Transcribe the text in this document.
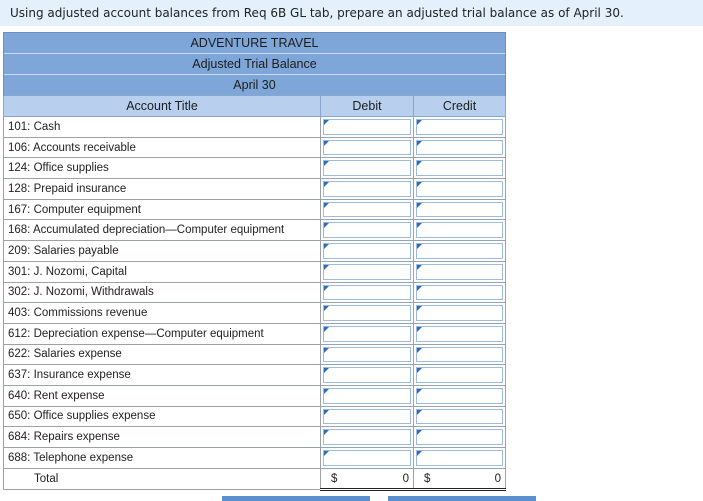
Using adjusted account balances from Req 6B GL tab, prepare an adjusted trial balance as of April 30.
ADVENTURE TRAVEL		
Adjusted Trial Balance		
April 30		
Account Title	Debit	Credit
101: Cash	

106: Accounts receivable	

124: Office supplies	

128: Prepaid insurance	

167: Computer equipment	

168: Accumulated depreciation—Computer equipment	

209: Salaries payable	

301: J. Nozomi, Capital	

302: J. Nozomi, Withdrawals	

403: Commissions revenue	

612: Depreciation expense—Computer equipment	

622: Salaries expense	

637: Insurance expense	

640: Rent expense	

650: Office supplies expense	

684: Repairs expense	

688: Telephone expense	

Total	$ 0	$ 0
